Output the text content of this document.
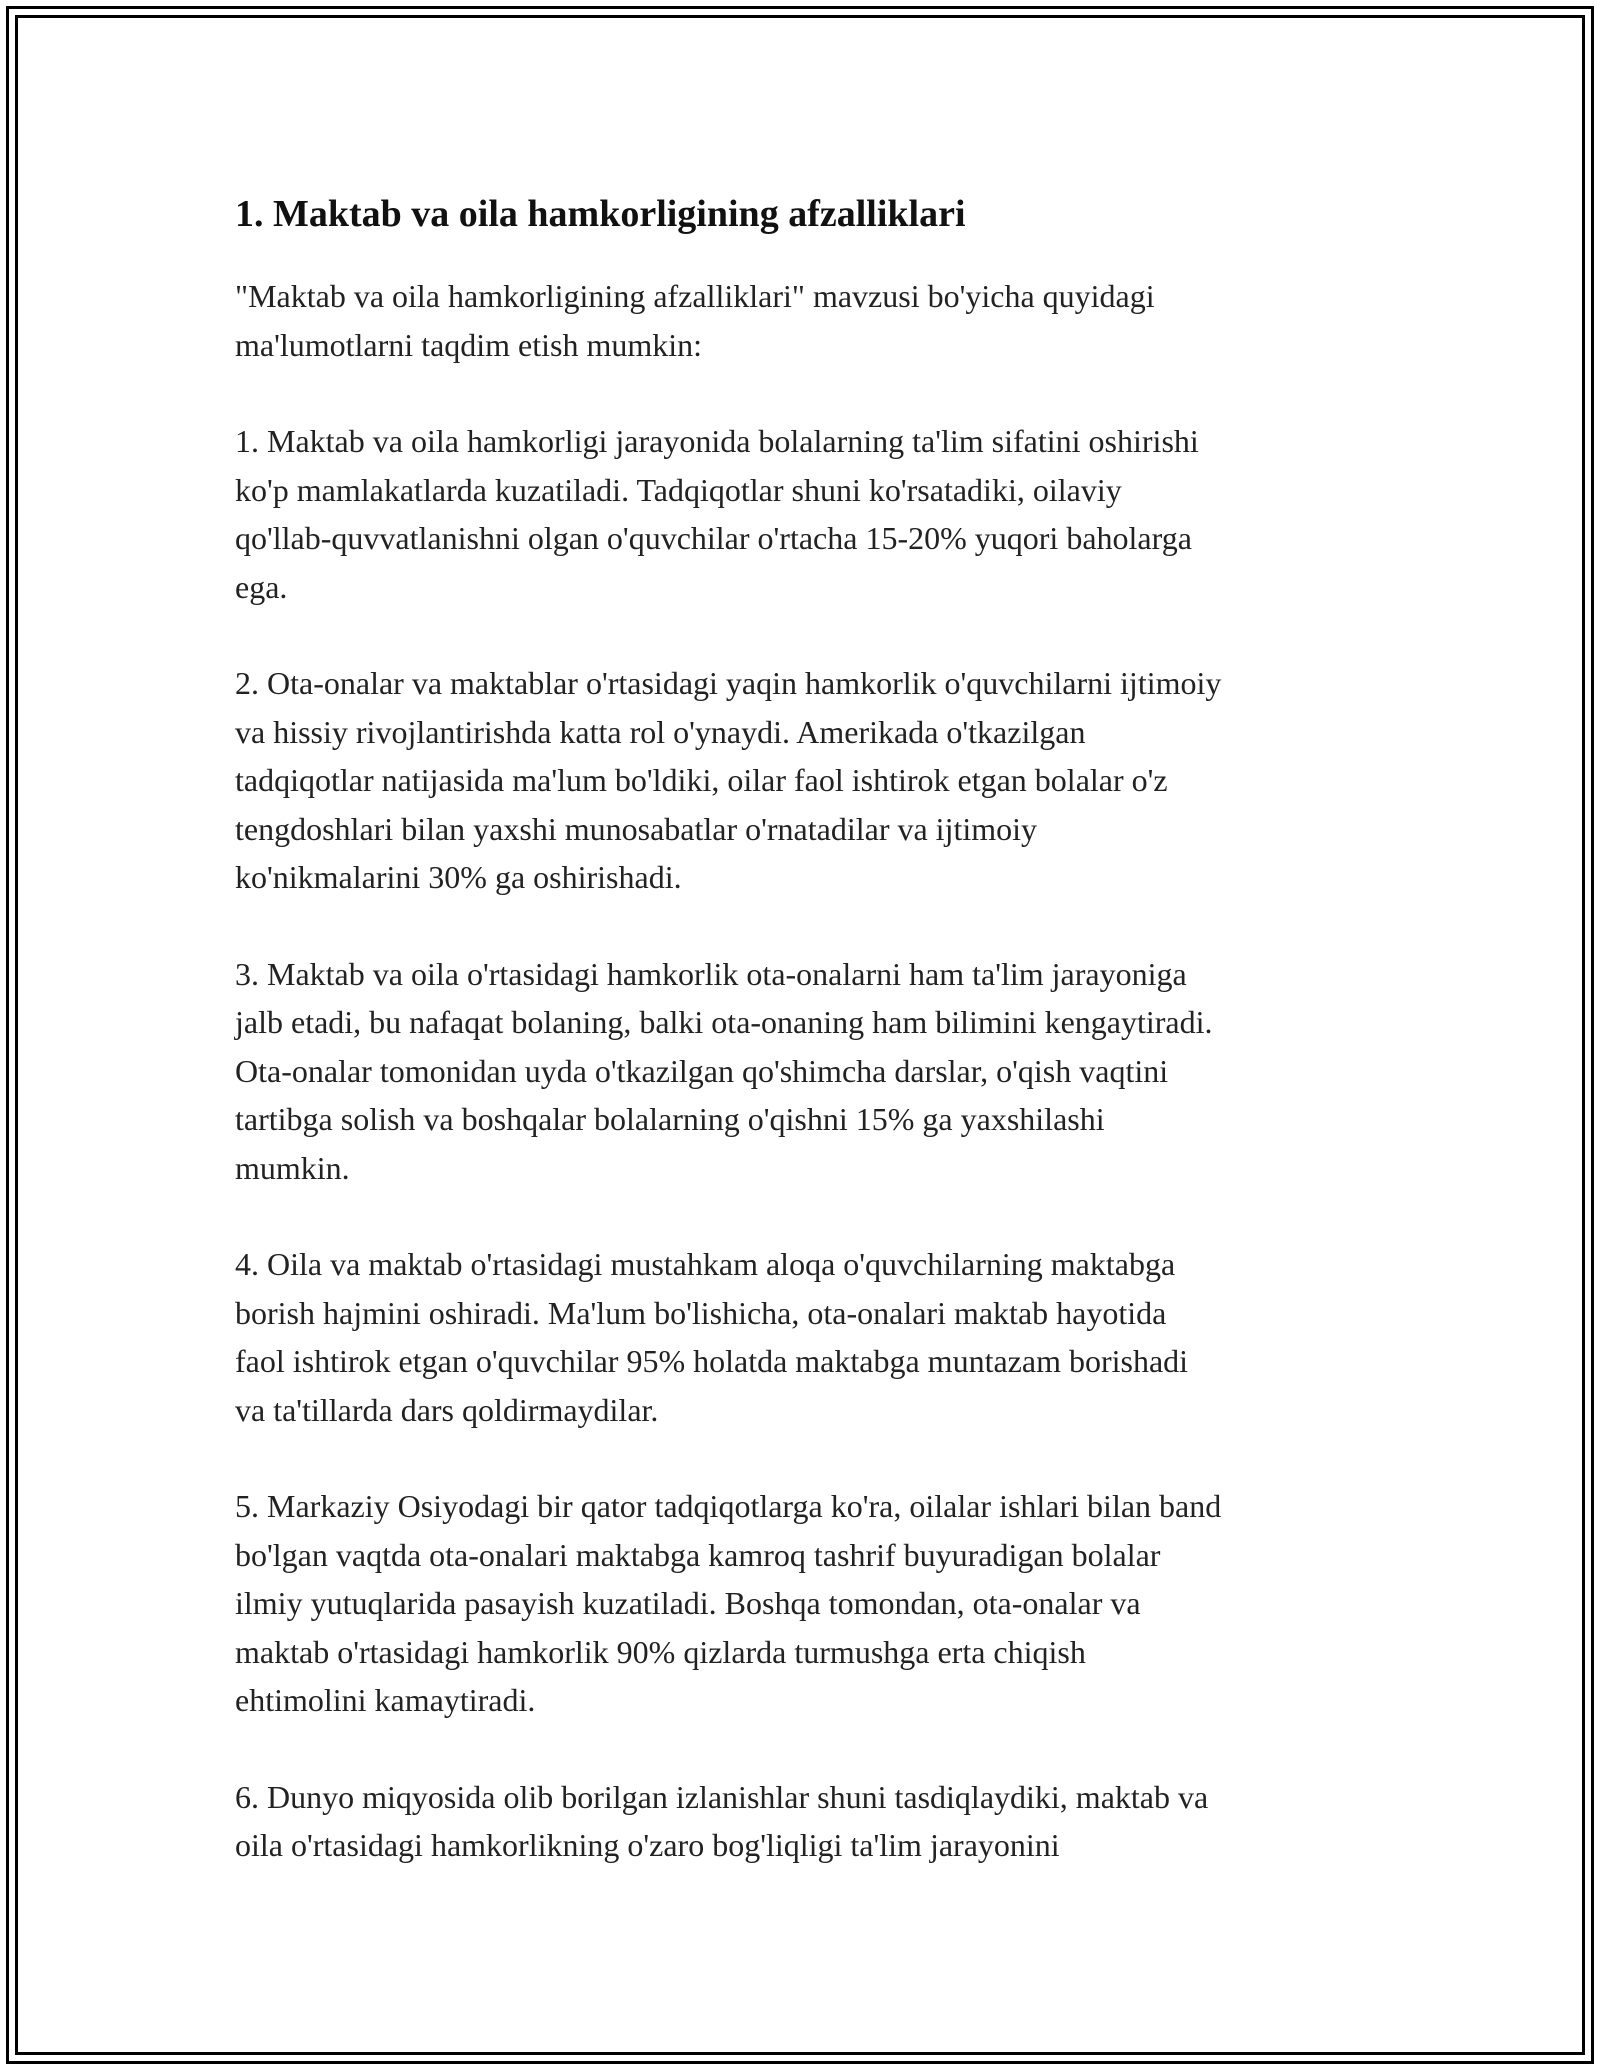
1. Maktab va oila hamkorligining afzalliklari

"Maktab va oila hamkorligining afzalliklari" mavzusi bo'yicha quyidagi
ma'lumotlarni taqdim etish mumkin:

1. Maktab va oila hamkorligi jarayonida bolalarning ta'lim sifatini oshirishi
ko'p mamlakatlarda kuzatiladi. Tadqiqotlar shuni ko'rsatadiki, oilaviy
qo'llab-quvvatlanishni olgan o'quvchilar o'rtacha 15-20% yuqori baholarga
ega.

2. Ota-onalar va maktablar o'rtasidagi yaqin hamkorlik o'quvchilarni ijtimoiy
va hissiy rivojlantirishda katta rol o'ynaydi. Amerikada o'tkazilgan
tadqiqotlar natijasida ma'lum bo'ldiki, oilar faol ishtirok etgan bolalar o'z
tengdoshlari bilan yaxshi munosabatlar o'rnatadilar va ijtimoiy
ko'nikmalarini 30% ga oshirishadi.

3. Maktab va oila o'rtasidagi hamkorlik ota-onalarni ham ta'lim jarayoniga
jalb etadi, bu nafaqat bolaning, balki ota-onaning ham bilimini kengaytiradi.
Ota-onalar tomonidan uyda o'tkazilgan qo'shimcha darslar, o'qish vaqtini
tartibga solish va boshqalar bolalarning o'qishni 15% ga yaxshilashi
mumkin.

4. Oila va maktab o'rtasidagi mustahkam aloqa o'quvchilarning maktabga
borish hajmini oshiradi. Ma'lum bo'lishicha, ota-onalari maktab hayotida
faol ishtirok etgan o'quvchilar 95% holatda maktabga muntazam borishadi
va ta'tillarda dars qoldirmaydilar.

5. Markaziy Osiyodagi bir qator tadqiqotlarga ko'ra, oilalar ishlari bilan band
bo'lgan vaqtda ota-onalari maktabga kamroq tashrif buyuradigan bolalar
ilmiy yutuqlarida pasayish kuzatiladi. Boshqa tomondan, ota-onalar va
maktab o'rtasidagi hamkorlik 90% qizlarda turmushga erta chiqish
ehtimolini kamaytiradi.

6. Dunyo miqyosida olib borilgan izlanishlar shuni tasdiqlaydiki, maktab va
oila o'rtasidagi hamkorlikning o'zaro bog'liqligi ta'lim jarayonini
